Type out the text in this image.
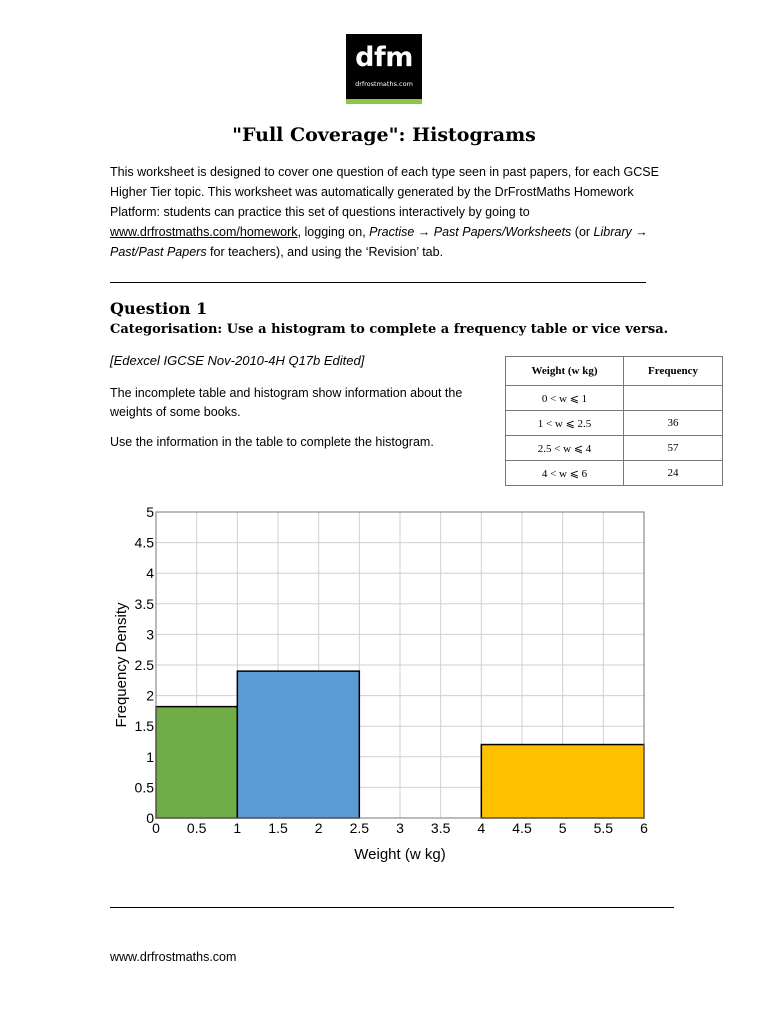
dfm
drfrostmaths.com
"Full Coverage": Histograms
This worksheet is designed to cover one question of each type seen in past papers, for each GCSE Higher Tier topic. This worksheet was automatically generated by the DrFrostMaths Homework Platform: students can practice this set of questions interactively by going to www.drfrostmaths.com/homework, logging on, Practise → Past Papers/Worksheets (or Library → Past/Past Papers for teachers), and using the ‘Revision’ tab.
Question 1
Categorisation: Use a histogram to complete a frequency table or vice versa.
[Edexcel IGCSE Nov-2010-4H Q17b Edited]
The incomplete table and histogram show information about the weights of some books.
Use the information in the table to complete the histogram.
Weight (w kg)	Frequency
0 < w ⩽ 1	
1 < w ⩽ 2.5	36
2.5 < w ⩽ 4	57
4 < w ⩽ 6	24
0
0.5
1
1.5
2
2.5
3
3.5
4
4.5
5
0 0.5 1 1.5 2 2.5 3 3.5 4 4.5 5 5.5 6
Weight (w kg)
Frequency Density
www.drfrostmaths.com
